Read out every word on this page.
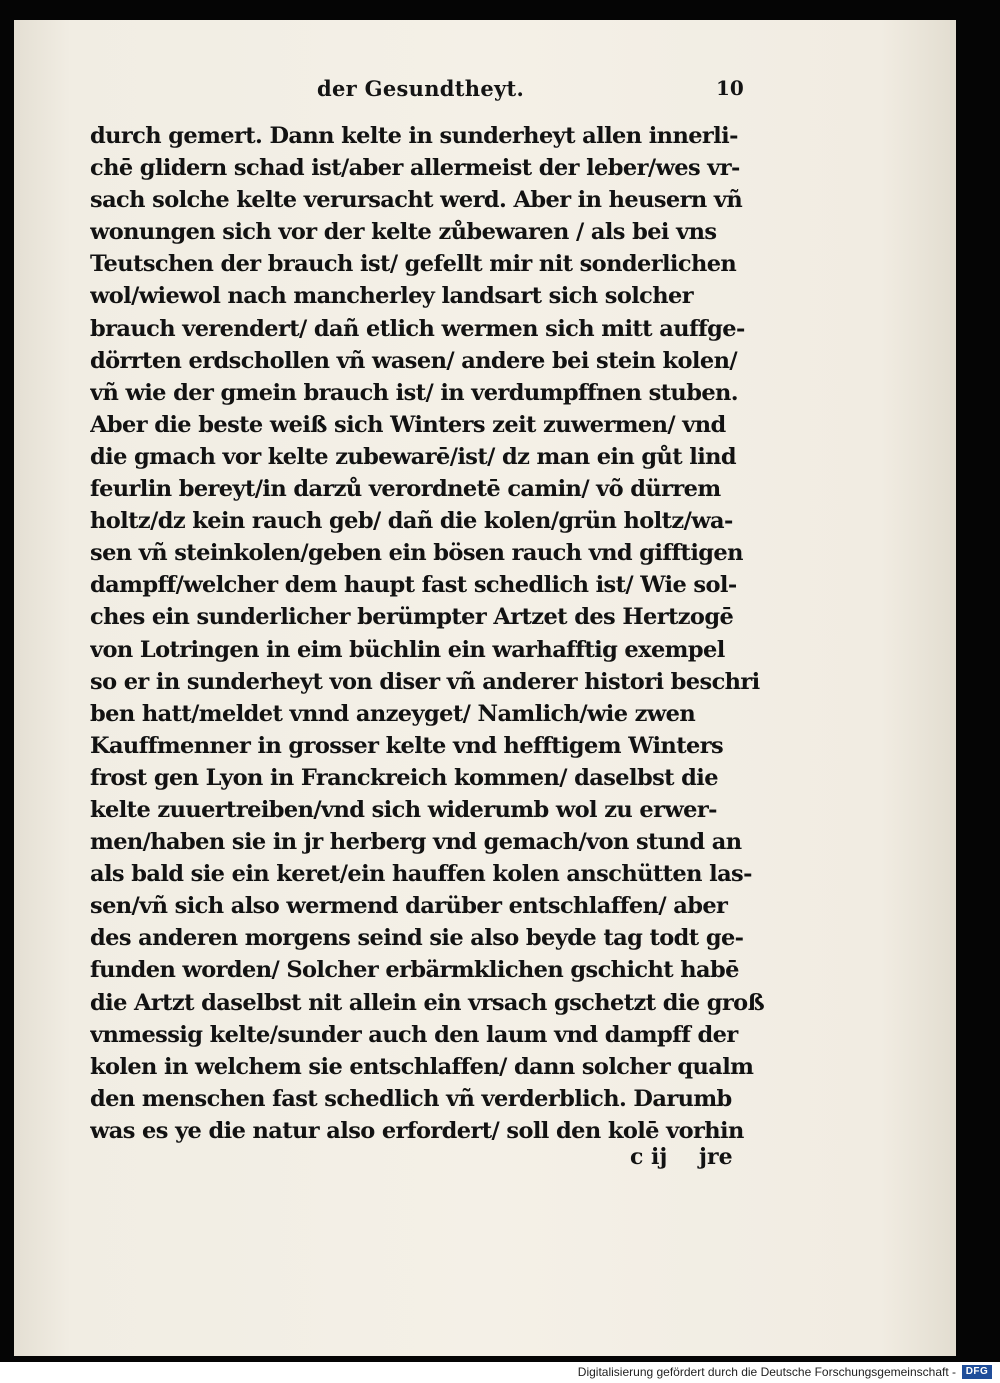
der Gesundtheyt.	10
durch gemert. Dann kelte in sunderheyt allen innerli-
chē glidern schad ist/aber allermeist der leber/wes vr-
sach solche kelte verursacht werd. Aber in heusern vñ
wonungen sich vor der kelte zůbewaren / als bei vns
Teutschen der brauch ist/ gefellt mir nit sonderlichen
wol/wiewol nach mancherley landsart sich solcher
brauch verendert/ dañ etlich wermen sich mitt auffge-
dörrten erdschollen vñ wasen/ andere bei stein kolen/
vñ wie der gmein brauch ist/ in verdumpffnen stuben.
Aber die beste weiß sich Winters zeit zuwermen/ vnd
die gmach vor kelte zubewarē/ist/ dz man ein gůt lind
feurlin bereyt/in darzů verordnetē camin/ võ dürrem
holtz/dz kein rauch geb/ dañ die kolen/grün holtz/wa-
sen vñ steinkolen/geben ein bösen rauch vnd gifftigen
dampff/welcher dem haupt fast schedlich ist/ Wie sol-
ches ein sunderlicher berümpter Artzet des Hertzogē
von Lotringen in eim büchlin ein warhafftig exempel
so er in sunderheyt von diser vñ anderer histori beschri
ben hatt/meldet vnnd anzeyget/ Namlich/wie zwen
Kauffmenner in grosser kelte vnd hefftigem Winters
frost gen Lyon in Franckreich kommen/ daselbst die
kelte zuuertreiben/vnd sich widerumb wol zu erwer-
men/haben sie in jr herberg vnd gemach/von stund an
als bald sie ein keret/ein hauffen kolen anschütten las-
sen/vñ sich also wermend darüber entschlaffen/ aber
des anderen morgens seind sie also beyde tag todt ge-
funden worden/ Solcher erbärmklichen gschicht habē
die Artzt daselbst nit allein ein vrsach gschetzt die groß
vnmessig kelte/sunder auch den laum vnd dampff der
kolen in welchem sie entschlaffen/ dann solcher qualm
den menschen fast schedlich vñ verderblich. Darumb
was es ye die natur also erfordert/ soll den kolē vorhin
c ij jre
Digitalisierung gefördert durch die Deutsche Forschungsgemeinschaft - DFG
